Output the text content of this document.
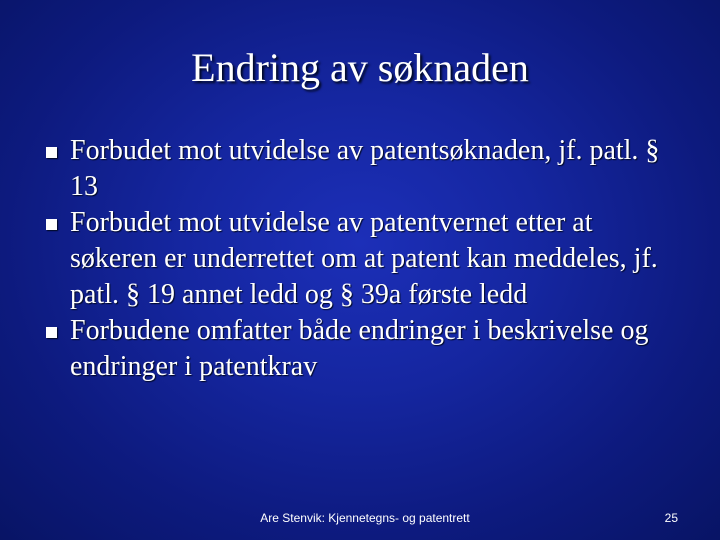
Endring av søknaden
Forbudet mot utvidelse av patentsøknaden, jf. patl. § 13
Forbudet mot utvidelse av patentvernet etter at søkeren er underrettet om at patent kan meddeles, jf. patl. § 19 annet ledd og § 39a første ledd
Forbudene omfatter både endringer i beskrivelse og endringer i patentkrav
Are Stenvik: Kjennetegns- og patentrett	25
